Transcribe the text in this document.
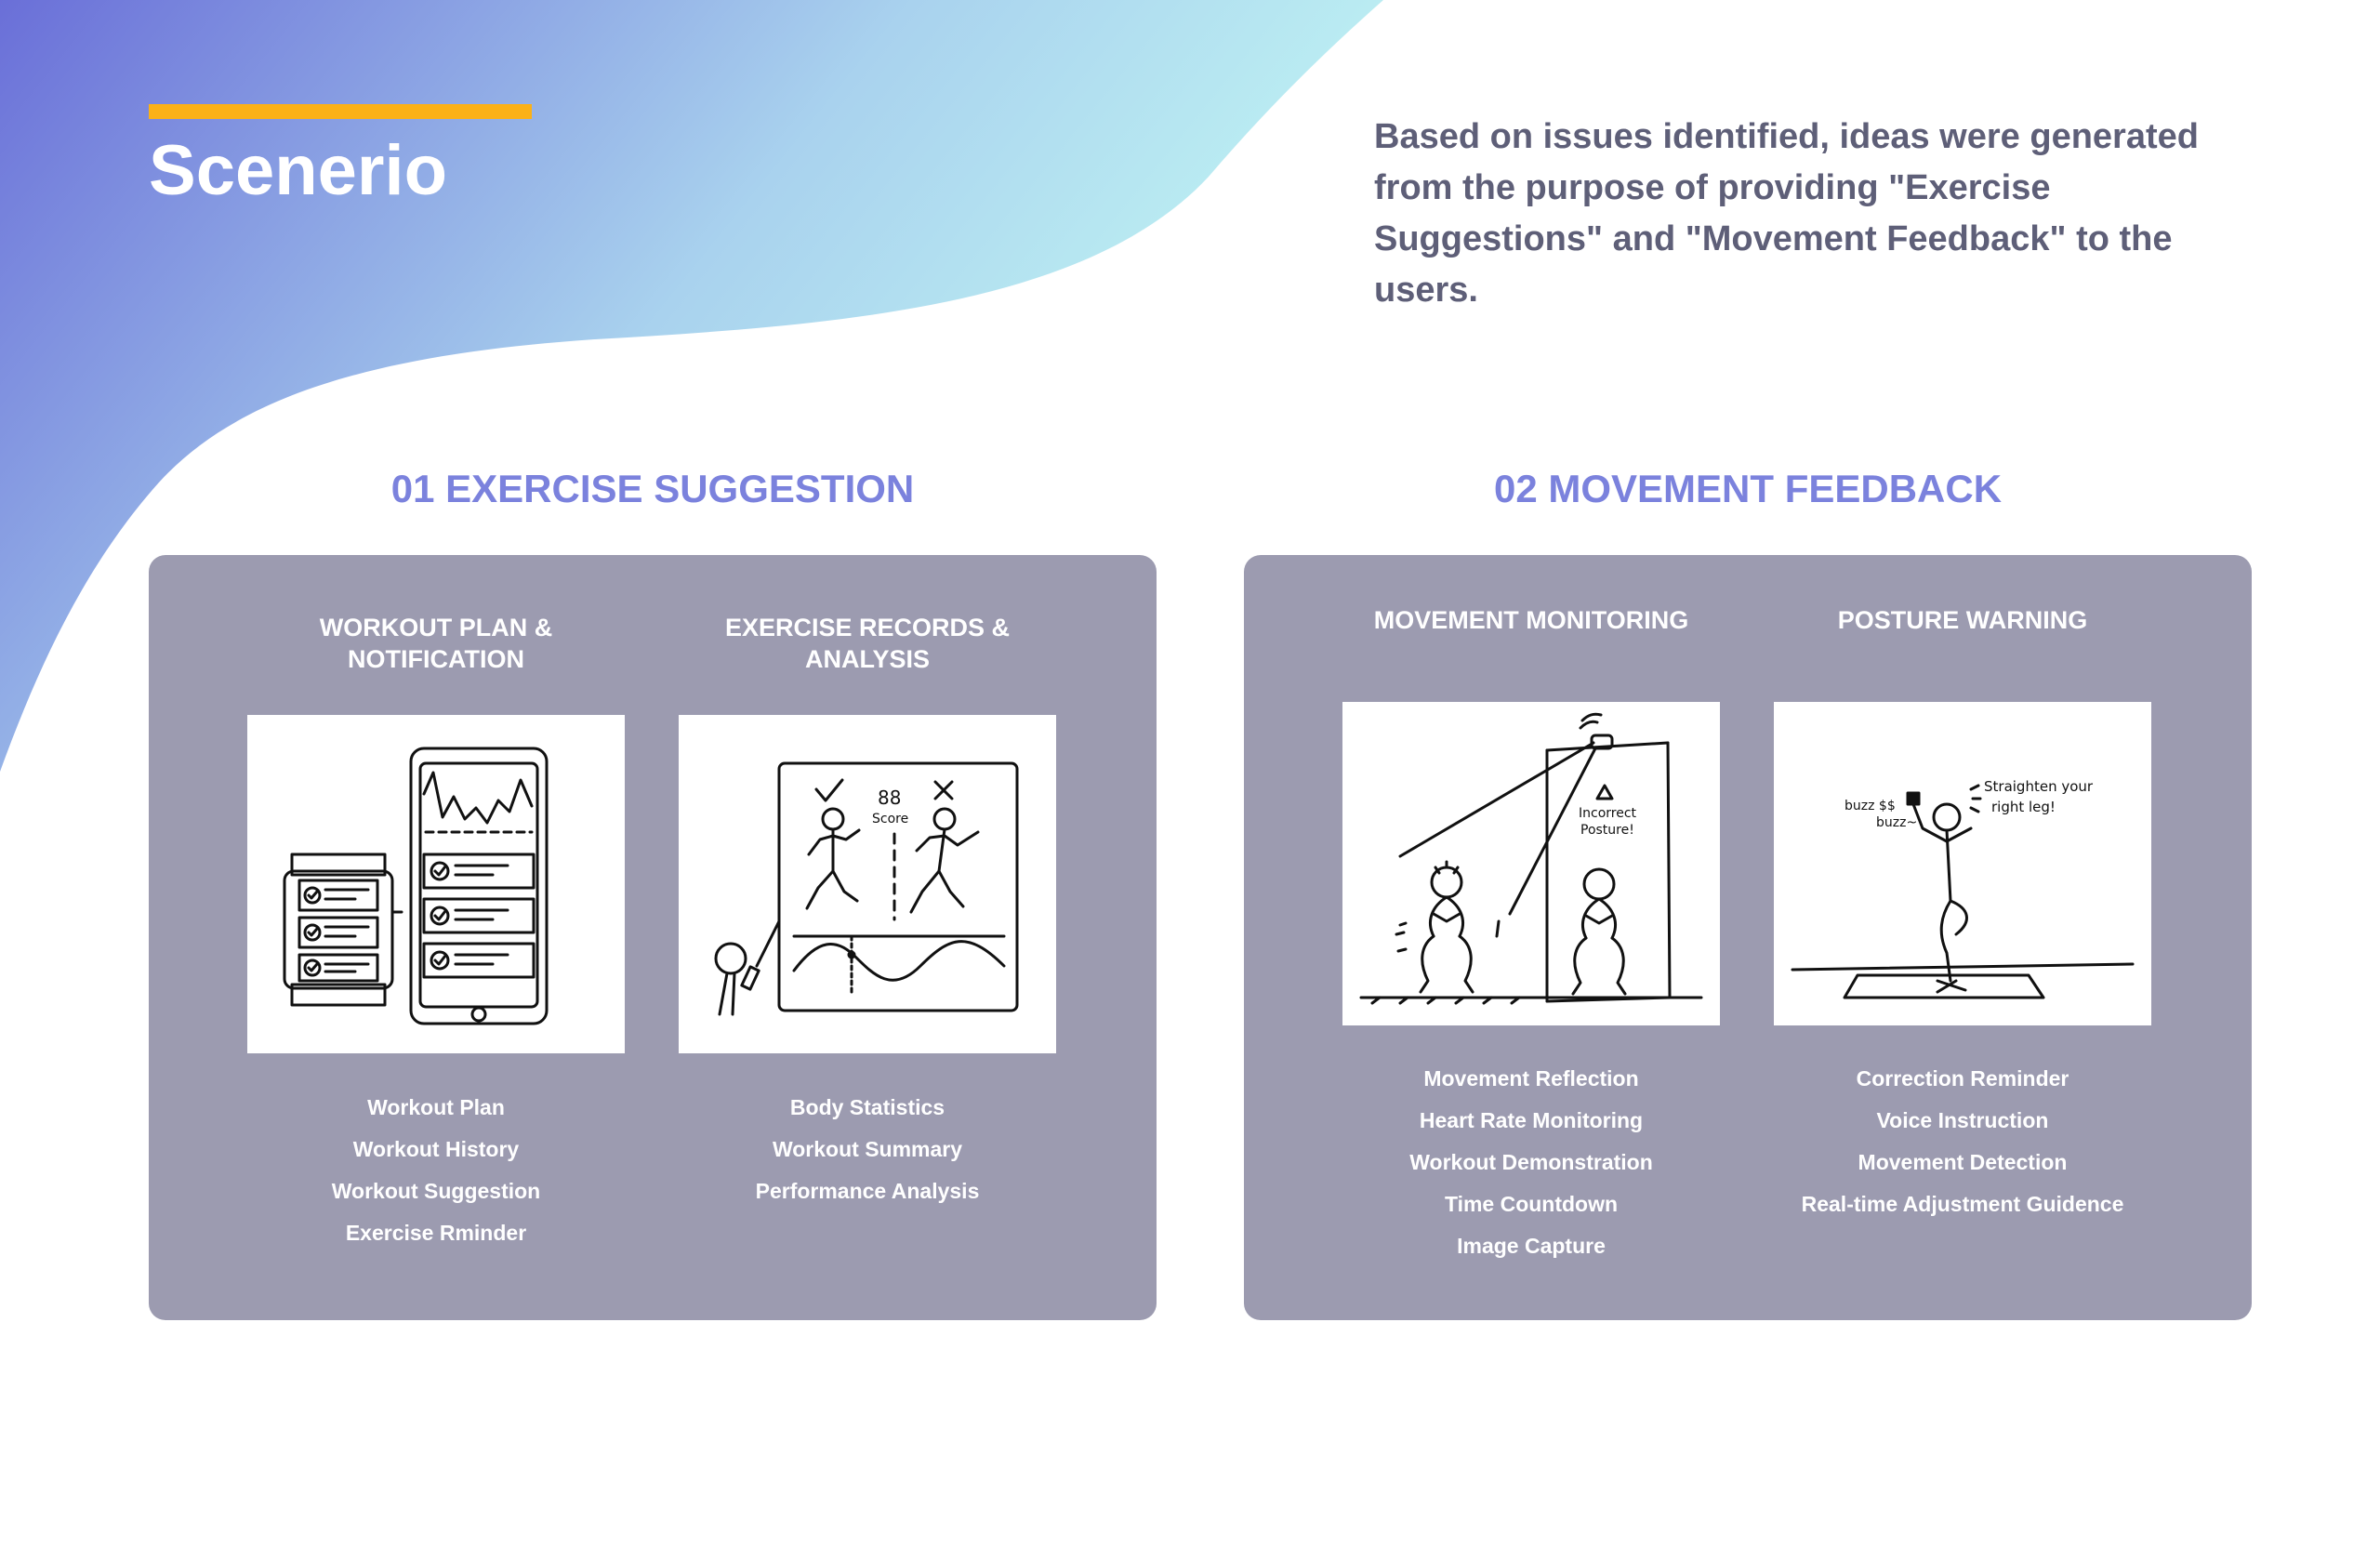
Scenerio	Based on issues identified, ideas were generated from the purpose of providing "Exercise Suggestions" and "Movement Feedback" to the users.

01 EXERCISE SUGGESTION

WORKOUT PLAN &
NOTIFICATION

Workout Plan
Workout History
Workout Suggestion
Exercise Rminder

EXERCISE RECORDS &
ANALYSIS

88
Score
Body Statistics
Workout Summary
Performance Analysis
02 MOVEMENT FEEDBACK

MOVEMENT MONITORING

Incorrect
Posture!
Movement Reflection
Heart Rate Monitoring
Workout Demonstration
Time Countdown
Image Capture

POSTURE WARNING

buzz $$
buzz~
Straighten your
right leg!
Correction Reminder
Voice Instruction
Movement Detection
Real-time Adjustment Guidence
